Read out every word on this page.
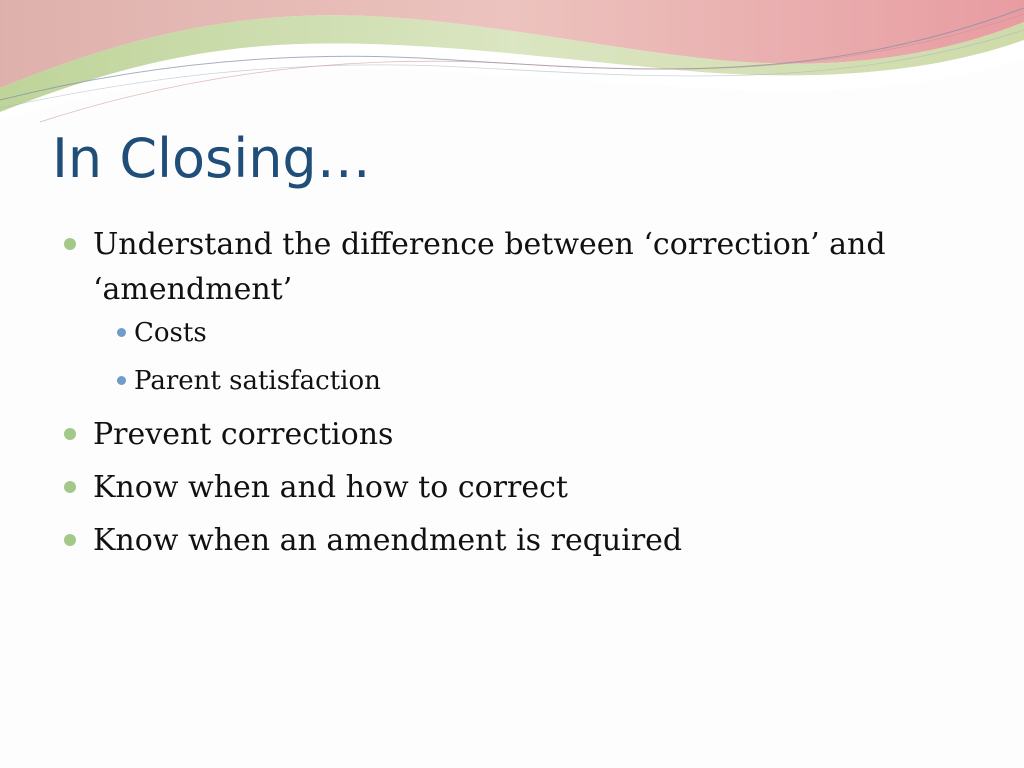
In Closing…
Understand the difference between ‘correction’ and ‘amendment’
Costs
Parent satisfaction
Prevent corrections
Know when and how to correct
Know when an amendment is required
